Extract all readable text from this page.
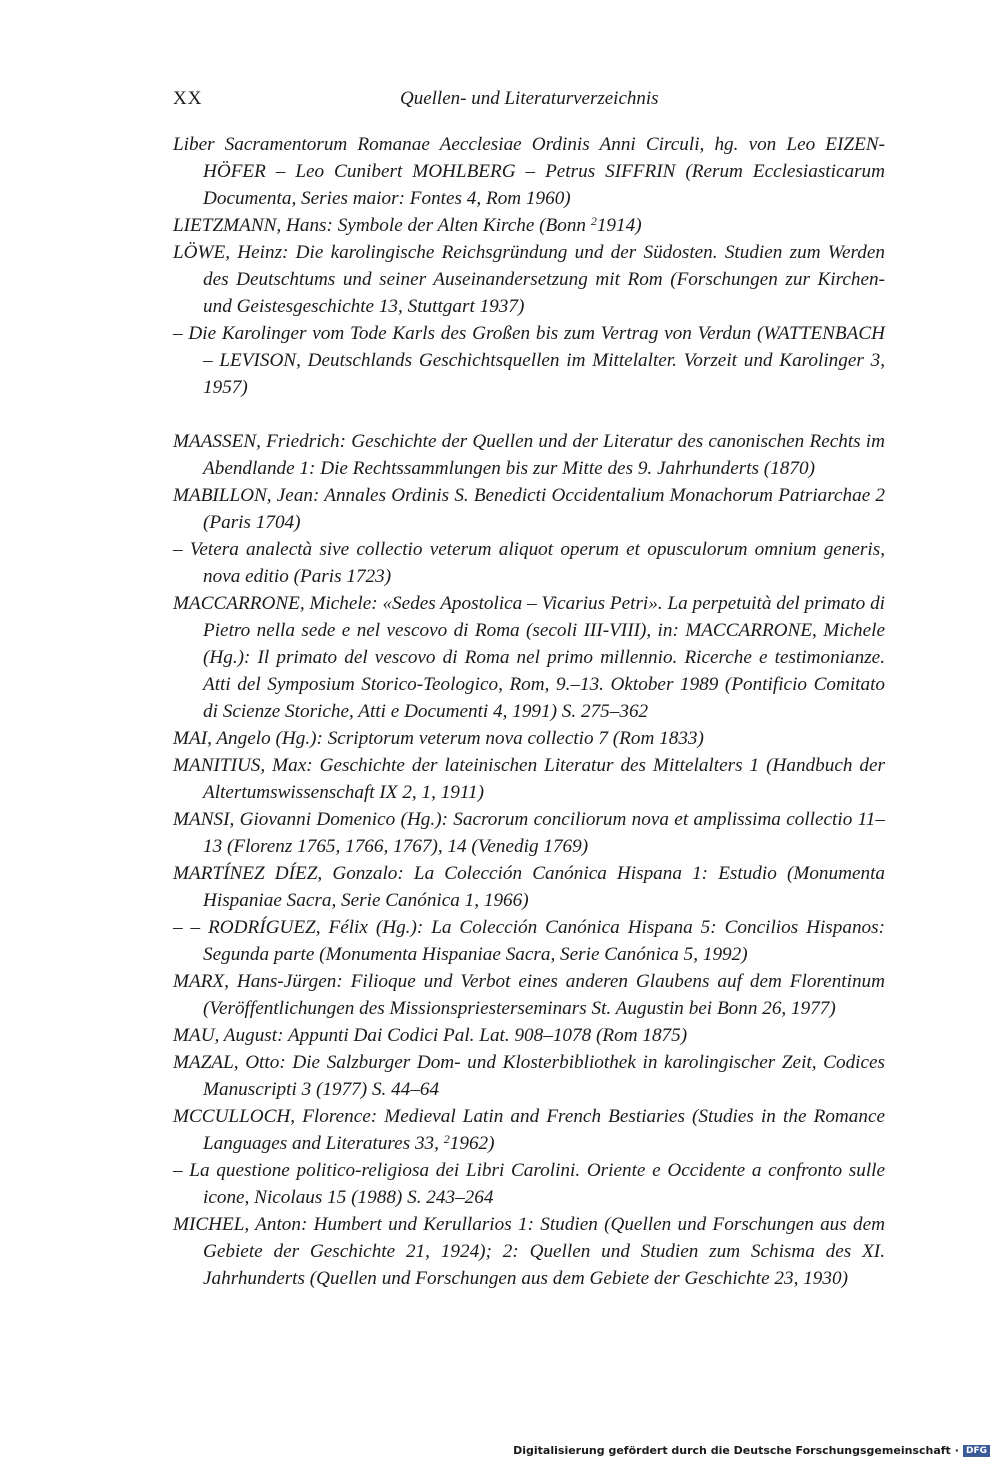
XX	Quellen- und Literaturverzeichnis

Liber Sacramentorum Romanae Aecclesiae Ordinis Anni Circuli, hg. von Leo EIZENHÖFER – Leo Cunibert MOHLBERG – Petrus SIFFRIN (Rerum Ecclesiasticarum Documenta, Series maior: Fontes 4, Rom 1960)

LIETZMANN, Hans: Symbole der Alten Kirche (Bonn $^2$1914)

LÖWE, Heinz: Die karolingische Reichsgründung und der Südosten. Studien zum Werden des Deutschtums und seiner Auseinandersetzung mit Rom (Forschungen zur Kirchen- und Geistesgeschichte 13, Stuttgart 1937)

– Die Karolinger vom Tode Karls des Großen bis zum Vertrag von Verdun (WATTENBACH – LEVISON, Deutschlands Geschichtsquellen im Mittelalter. Vorzeit und Karolinger 3, 1957)

MAASSEN, Friedrich: Geschichte der Quellen und der Literatur des canonischen Rechts im Abendlande 1: Die Rechtssammlungen bis zur Mitte des 9. Jahrhunderts (1870)

MABILLON, Jean: Annales Ordinis S. Benedicti Occidentalium Monachorum Patriarchae 2 (Paris 1704)

– Vetera analectà sive collectio veterum aliquot operum et opusculorum omnium generis, nova editio (Paris 1723)

MACCARRONE, Michele: «Sedes Apostolica – Vicarius Petri». La perpetuità del primato di Pietro nella sede e nel vescovo di Roma (secoli III-VIII), in: MACCARRONE, Michele (Hg.): Il primato del vescovo di Roma nel primo millennio. Ricerche e testimonianze. Atti del Symposium Storico-Teologico, Rom, 9.–13. Oktober 1989 (Pontificio Comitato di Scienze Storiche, Atti e Documenti 4, 1991) S. 275–362

MAI, Angelo (Hg.): Scriptorum veterum nova collectio 7 (Rom 1833)

MANITIUS, Max: Geschichte der lateinischen Literatur des Mittelalters 1 (Handbuch der Altertumswissenschaft IX 2, 1, 1911)

MANSI, Giovanni Domenico (Hg.): Sacrorum conciliorum nova et amplissima collectio 11–13 (Florenz 1765, 1766, 1767), 14 (Venedig 1769)

MARTÍNEZ DÍEZ, Gonzalo: La Colección Canónica Hispana 1: Estudio (Monumenta Hispaniae Sacra, Serie Canónica 1, 1966)

– – RODRÍGUEZ, Félix (Hg.): La Colección Canónica Hispana 5: Concilios Hispanos: Segunda parte (Monumenta Hispaniae Sacra, Serie Canónica 5, 1992)

MARX, Hans-Jürgen: Filioque und Verbot eines anderen Glaubens auf dem Florentinum (Veröffentlichungen des Missionspriesterseminars St. Augustin bei Bonn 26, 1977)

MAU, August: Appunti Dai Codici Pal. Lat. 908–1078 (Rom 1875)

MAZAL, Otto: Die Salzburger Dom- und Klosterbibliothek in karolingischer Zeit, Codices Manuscripti 3 (1977) S. 44–64

MCCULLOCH, Florence: Medieval Latin and French Bestiaries (Studies in the Romance Languages and Literatures 33, $^2$1962)

– La questione politico-religiosa dei Libri Carolini. Oriente e Occidente a confronto sulle icone, Nicolaus 15 (1988) S. 243–264

MICHEL, Anton: Humbert und Kerullarios 1: Studien (Quellen und Forschungen aus dem Gebiete der Geschichte 21, 1924); 2: Quellen und Studien zum Schisma des XI. Jahrhunderts (Quellen und Forschungen aus dem Gebiete der Geschichte 23, 1930)

Digitalisierung gefördert durch die Deutsche Forschungsgemeinschaft · DFG
